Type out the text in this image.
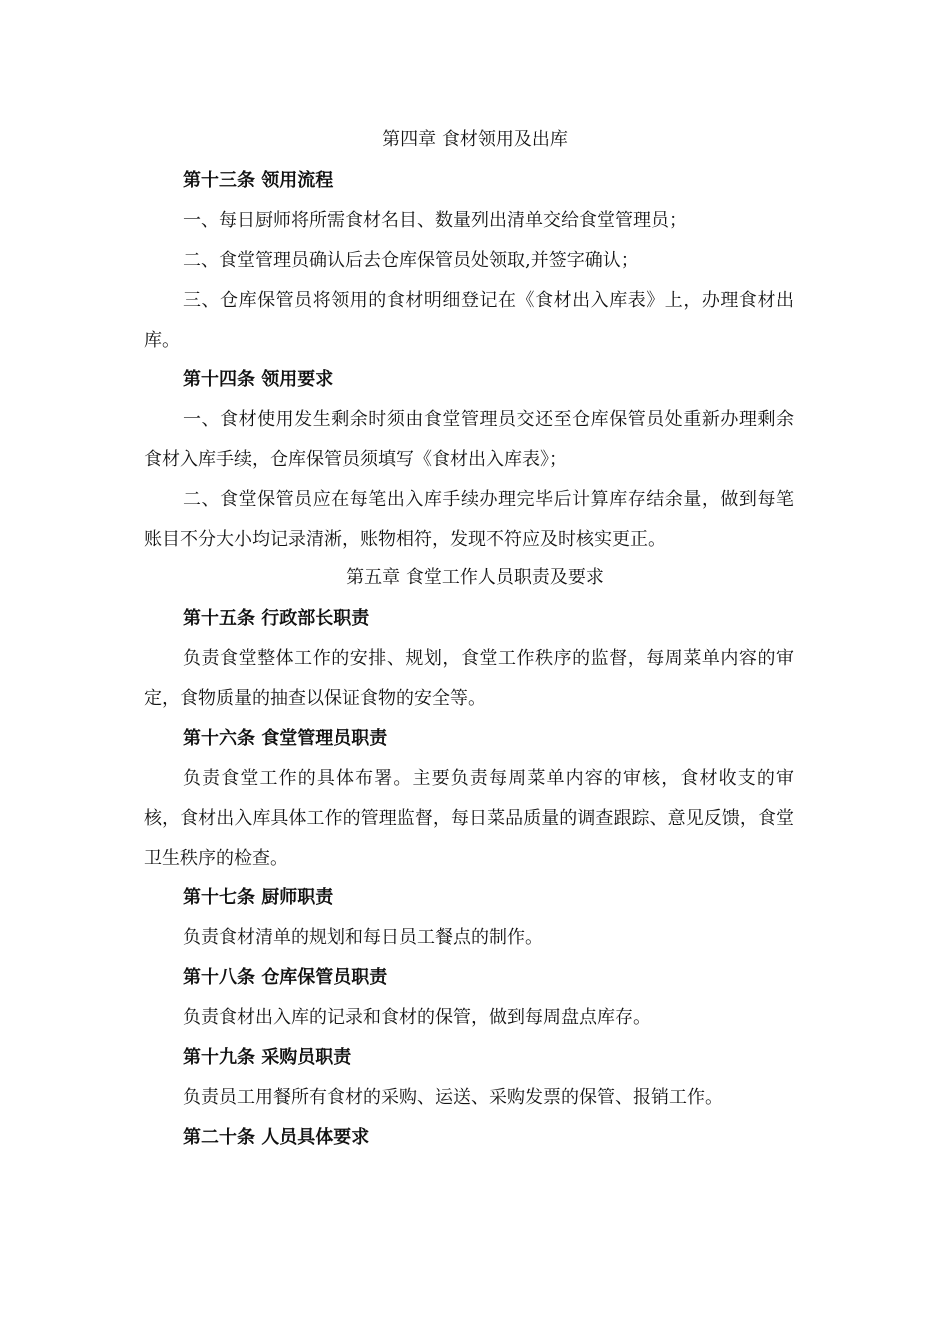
第四章 食材领用及出库
第十三条 领用流程

一、每日厨师将所需食材名目、数量列出清单交给食堂管理员；

二、食堂管理员确认后去仓库保管员处领取,并签字确认；

三、仓库保管员将领用的食材明细登记在《食材出入库表》上，办理食材出库。

第十四条 领用要求

一、食材使用发生剩余时须由食堂管理员交还至仓库保管员处重新办理剩余食材入库手续，仓库保管员须填写《食材出入库表》；

二、食堂保管员应在每笔出入库手续办理完毕后计算库存结余量，做到每笔账目不分大小均记录清淅，账物相符，发现不符应及时核实更正。

第五章 食堂工作人员职责及要求
第十五条 行政部长职责

负责食堂整体工作的安排、规划，食堂工作秩序的监督，每周菜单内容的审定，食物质量的抽查以保证食物的安全等。

第十六条 食堂管理员职责

负责食堂工作的具体布署。主要负责每周菜单内容的审核，食材收支的审核，食材出入库具体工作的管理监督，每日菜品质量的调查跟踪、意见反馈，食堂卫生秩序的检查。

第十七条 厨师职责

负责食材清单的规划和每日员工餐点的制作。

第十八条 仓库保管员职责

负责食材出入库的记录和食材的保管，做到每周盘点库存。

第十九条 采购员职责

负责员工用餐所有食材的采购、运送、采购发票的保管、报销工作。

第二十条 人员具体要求
